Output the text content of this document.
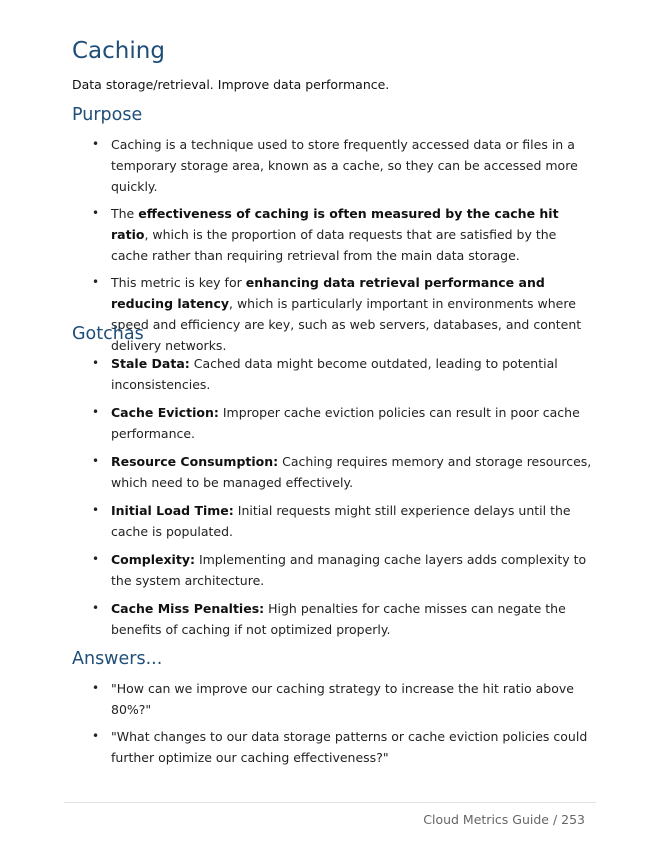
Caching

Data storage/retrieval. Improve data performance.

Purpose
• Caching is a technique used to store frequently accessed data or files in a temporary storage area, known as a cache, so they can be accessed more quickly.
• The effectiveness of caching is often measured by the cache hit ratio, which is the proportion of data requests that are satisfied by the cache rather than requiring retrieval from the main data storage.
• This metric is key for enhancing data retrieval performance and reducing latency, which is particularly important in environments where speed and efficiency are key, such as web servers, databases, and content delivery networks.
Gotchas
• Stale Data: Cached data might become outdated, leading to potential inconsistencies.
• Cache Eviction: Improper cache eviction policies can result in poor cache performance.
• Resource Consumption: Caching requires memory and storage resources, which need to be managed effectively.
• Initial Load Time: Initial requests might still experience delays until the cache is populated.
• Complexity: Implementing and managing cache layers adds complexity to the system architecture.
• Cache Miss Penalties: High penalties for cache misses can negate the benefits of caching if not optimized properly.
Answers...
• "How can we improve our caching strategy to increase the hit ratio above 80%?"
• "What changes to our data storage patterns or cache eviction policies could further optimize our caching effectiveness?"
Cloud Metrics Guide / 253
